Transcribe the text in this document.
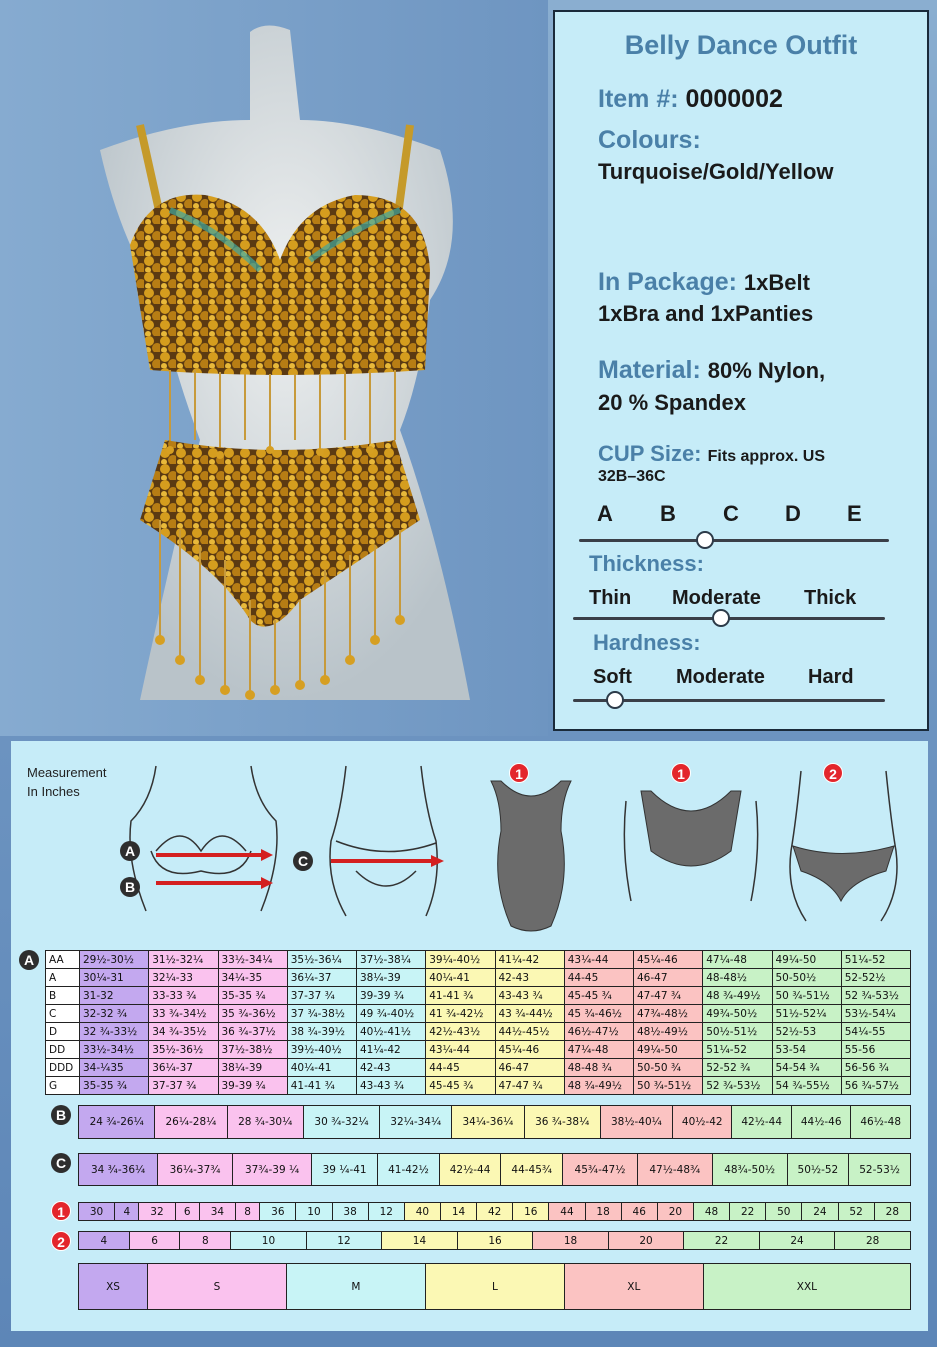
Belly Dance Outfit
Item #: 0000002
Colours:
Turquoise/Gold/Yellow
In Package: 1xBelt
1xBra and 1xPanties
Material: 80% Nylon,
20 % Spandex
CUP Size: Fits approx. US
32B–36C
A B C D E
Thickness:
Thin Moderate Thick
Hardness:
Soft Moderate Hard
Measurement
In Inches
A
B
C
1	1	2
A	AA	29½-30½	31½-32¼	33½-34¼	35½-36¼	37½-38¼	39¼-40½	41¼-42	43¼-44	45¼-46	47¼-48	49¼-50	51¼-52
A	30¼-31	32¼-33	34¼-35	36¼-37	38¼-39	40¼-41	42-43	44-45	46-47	48-48½	50-50½	52-52½
B	31-32	33-33 ¾	35-35 ¾	37-37 ¾	39-39 ¾	41-41 ¾	43-43 ¾	45-45 ¾	47-47 ¾	48 ¾-49½	50 ¾-51½	52 ¾-53½
C	32-32 ¾	33 ¾-34½	35 ¾-36½	37 ¾-38½	49 ¾-40½	41 ¾-42½	43 ¾-44½	45 ¾-46½	47¾-48½	49¾-50½	51½-52¼	53½-54¼
D	32 ¾-33½	34 ¾-35½	36 ¾-37½	38 ¾-39½	40½-41½	42½-43½	44½-45½	46½-47½	48½-49½	50½-51½	52½-53	54¼-55
DD	33½-34½	35½-36½	37½-38½	39½-40½	41¼-42	43¼-44	45¼-46	47¼-48	49¼-50	51¼-52	53-54	55-56
DDD	34-¼35	36¼-37	38¼-39	40¼-41	42-43	44-45	46-47	48-48 ¾	50-50 ¾	52-52 ¾	54-54 ¾	56-56 ¾
G	35-35 ¾	37-37 ¾	39-39 ¾	41-41 ¾	43-43 ¾	45-45 ¾	47-47 ¾	48 ¾-49½	50 ¾-51½	52 ¾-53½	54 ¾-55½	56 ¾-57½
B	24 ¾-26¼	26¼-28¼	28 ¾-30¼	30 ¾-32¼	32¼-34¼	34¼-36¼	36 ¾-38¼	38½-40¼	40½-42	42½-44	44½-46	46½-48
C	34 ¾-36¼	36¼-37¾	37¾-39 ¼	39 ¼-41	41-42½	42½-44	44-45¾	45¾-47½	47½-48¾	48¾-50½	50½-52	52-53½
1	30	4	32	6	34	8	36	10	38	12	40	14	42	16	44	18	46	20	48	22	50	24	52	28
2	4	6	8	10	12	14	16	18	20	22	24	28
XS	S	M	L	XL	XXL
